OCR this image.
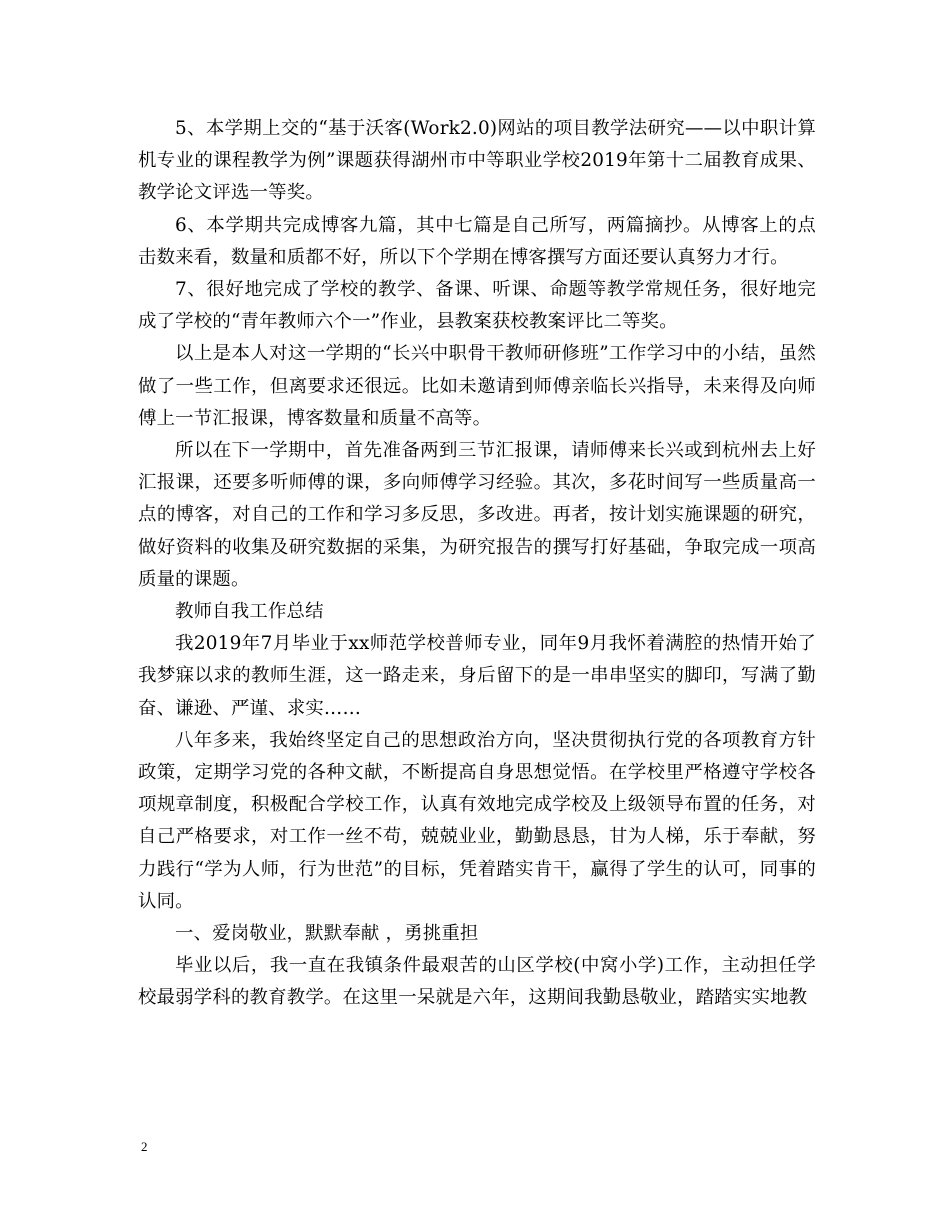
5、本学期上交的“基于沃客(Work2.0)网站的项目教学法研究——以中职计算机专业的课程教学为例”课题获得湖州市中等职业学校2019年第十二届教育成果、教学论文评选一等奖。

6、本学期共完成博客九篇，其中七篇是自己所写，两篇摘抄。从博客上的点击数来看，数量和质都不好，所以下个学期在博客撰写方面还要认真努力才行。

7、很好地完成了学校的教学、备课、听课、命题等教学常规任务，很好地完成了学校的“青年教师六个一”作业，县教案获校教案评比二等奖。

以上是本人对这一学期的“长兴中职骨干教师研修班”工作学习中的小结，虽然做了一些工作，但离要求还很远。比如未邀请到师傅亲临长兴指导，未来得及向师傅上一节汇报课，博客数量和质量不高等。

所以在下一学期中，首先准备两到三节汇报课，请师傅来长兴或到杭州去上好汇报课，还要多听师傅的课，多向师傅学习经验。其次，多花时间写一些质量高一点的博客，对自己的工作和学习多反思，多改进。再者，按计划实施课题的研究，做好资料的收集及研究数据的采集，为研究报告的撰写打好基础，争取完成一项高质量的课题。

教师自我工作总结

我2019年7月毕业于xx师范学校普师专业，同年9月我怀着满腔的热情开始了我梦寐以求的教师生涯，这一路走来，身后留下的是一串串坚实的脚印，写满了勤奋、谦逊、严谨、求实……

八年多来，我始终坚定自己的思想政治方向，坚决贯彻执行党的各项教育方针政策，定期学习党的各种文献，不断提高自身思想觉悟。在学校里严格遵守学校各项规章制度，积极配合学校工作，认真有效地完成学校及上级领导布置的任务，对自己严格要求，对工作一丝不苟，兢兢业业，勤勤恳恳，甘为人梯，乐于奉献，努力践行“学为人师，行为世范”的目标，凭着踏实肯干，赢得了学生的认可，同事的认同。

一、爱岗敬业，默默奉献 ，勇挑重担

毕业以后，我一直在我镇条件最艰苦的山区学校(中窝小学)工作，主动担任学校最弱学科的教育教学。在这里一呆就是六年，这期间我勤恳敬业，踏踏实实地教

2
